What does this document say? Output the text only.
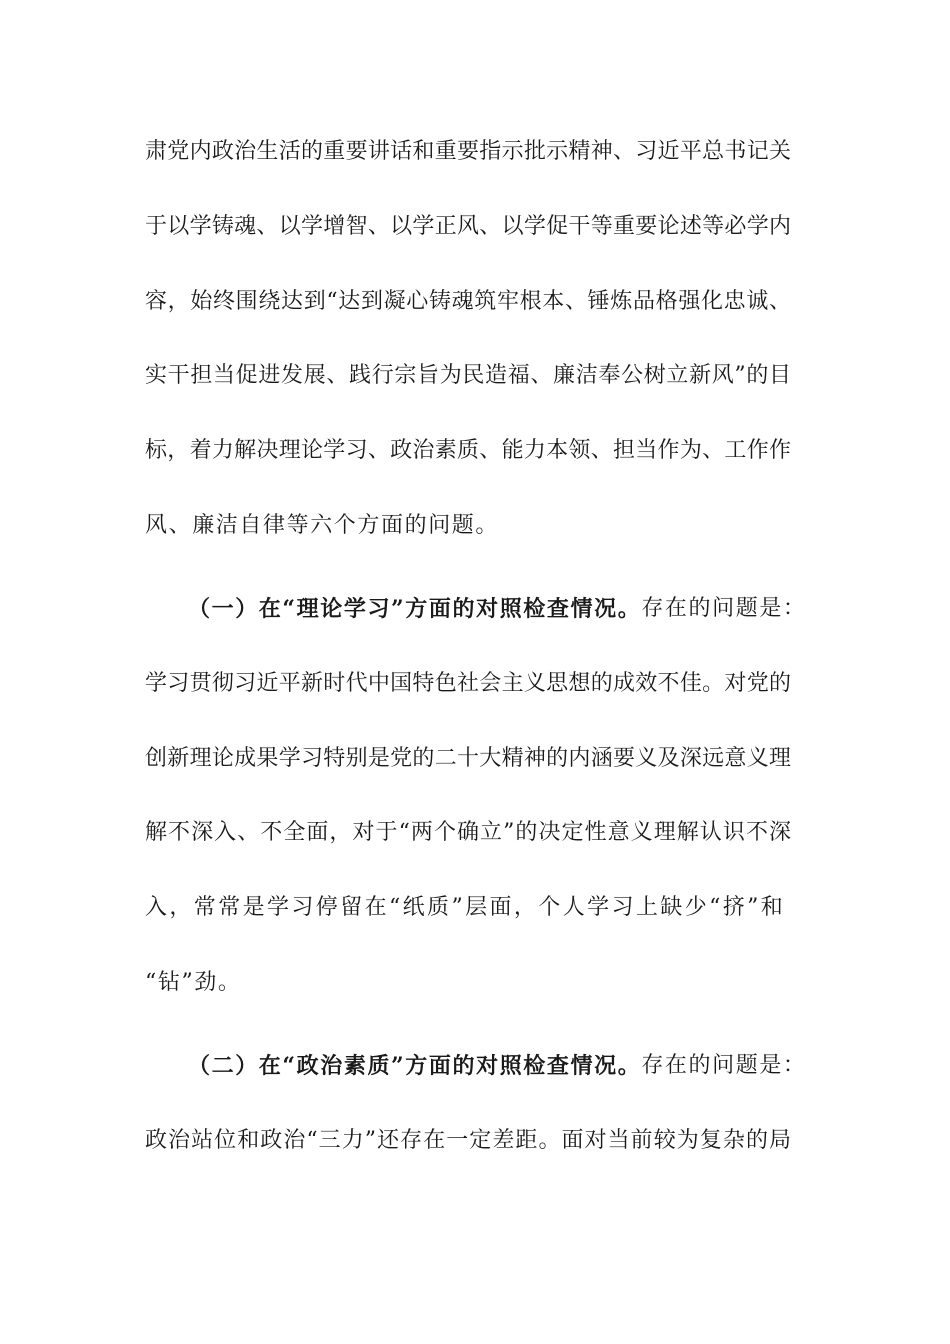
肃党内政治生活的重要讲话和重要指示批示精神、习近平总书记关
于以学铸魂、以学增智、以学正风、以学促干等重要论述等必学内
容，始终围绕达到“达到凝心铸魂筑牢根本、锤炼品格强化忠诚、
实干担当促进发展、践行宗旨为民造福、廉洁奉公树立新风”的目
标，着力解决理论学习、政治素质、能力本领、担当作为、工作作
风、廉洁自律等六个方面的问题。
（一）在“理论学习”方面的对照检查情况。 存在的问题是：
学习贯彻习近平新时代中国特色社会主义思想的成效不佳。对党的
创新理论成果学习特别是党的二十大精神的内涵要义及深远意义理
解不深入、不全面，对于“两个确立”的决定性意义理解认识不深
入，常常是学习停留在“纸质”层面，个人学习上缺少“挤”和
“钻”劲。
（二）在“政治素质”方面的对照检查情况。 存在的问题是：
政治站位和政治“三力”还存在一定差距。面对当前较为复杂的局
